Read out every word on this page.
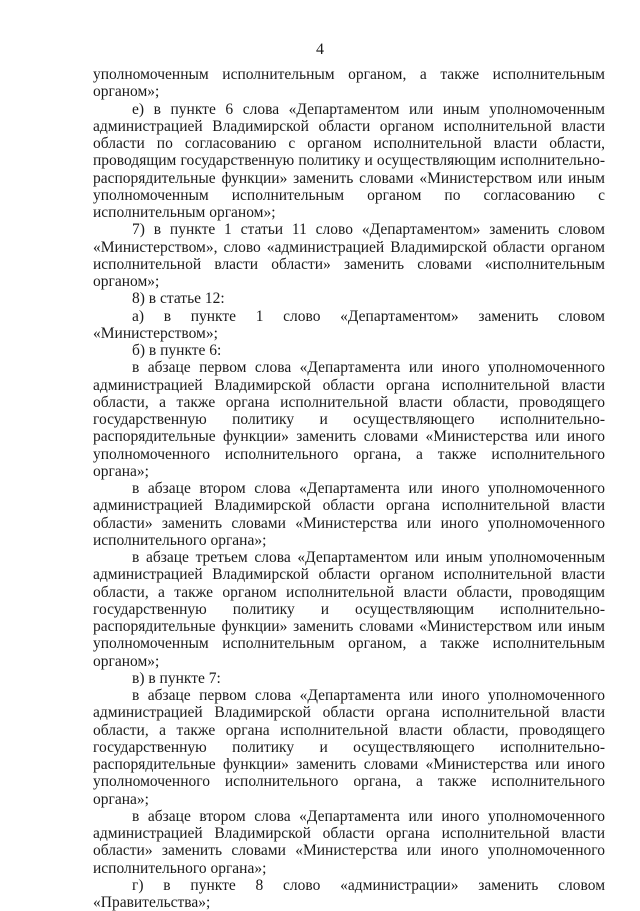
4

уполномоченным исполнительным органом, а также исполнительным органом»;

е) в пункте 6 слова «Департаментом или иным уполномоченным администрацией Владимирской области органом исполнительной власти области по согласованию с органом исполнительной власти области, проводящим государственную политику и осуществляющим исполнительно-распорядительные функции» заменить словами «Министерством или иным уполномоченным исполнительным органом по согласованию с исполнительным органом»;

7) в пункте 1 статьи 11 слово «Департаментом» заменить словом «Министерством», слово «администрацией Владимирской области органом исполнительной власти области» заменить словами «исполнительным органом»;

8) в статье 12:

а) в пункте 1 слово «Департаментом» заменить словом «Министерством»;

б) в пункте 6:

в абзаце первом слова «Департамента или иного уполномоченного администрацией Владимирской области органа исполнительной власти области, а также органа исполнительной власти области, проводящего государственную политику и осуществляющего исполнительно-распорядительные функции» заменить словами «Министерства или иного уполномоченного исполнительного органа, а также исполнительного органа»;

в абзаце втором слова «Департамента или иного уполномоченного администрацией Владимирской области органа исполнительной власти области» заменить словами «Министерства или иного уполномоченного исполнительного органа»;

в абзаце третьем слова «Департаментом или иным уполномоченным администрацией Владимирской области органом исполнительной власти области, а также органом исполнительной власти области, проводящим государственную политику и осуществляющим исполнительно-распорядительные функции» заменить словами «Министерством или иным уполномоченным исполнительным органом, а также исполнительным органом»;

в) в пункте 7:

в абзаце первом слова «Департамента или иного уполномоченного администрацией Владимирской области органа исполнительной власти области, а также органа исполнительной власти области, проводящего государственную политику и осуществляющего исполнительно-распорядительные функции» заменить словами «Министерства или иного уполномоченного исполнительного органа, а также исполнительного органа»;

в абзаце втором слова «Департамента или иного уполномоченного администрацией Владимирской области органа исполнительной власти области» заменить словами «Министерства или иного уполномоченного исполнительного органа»;

г) в пункте 8 слово «администрации» заменить словом «Правительства»;
